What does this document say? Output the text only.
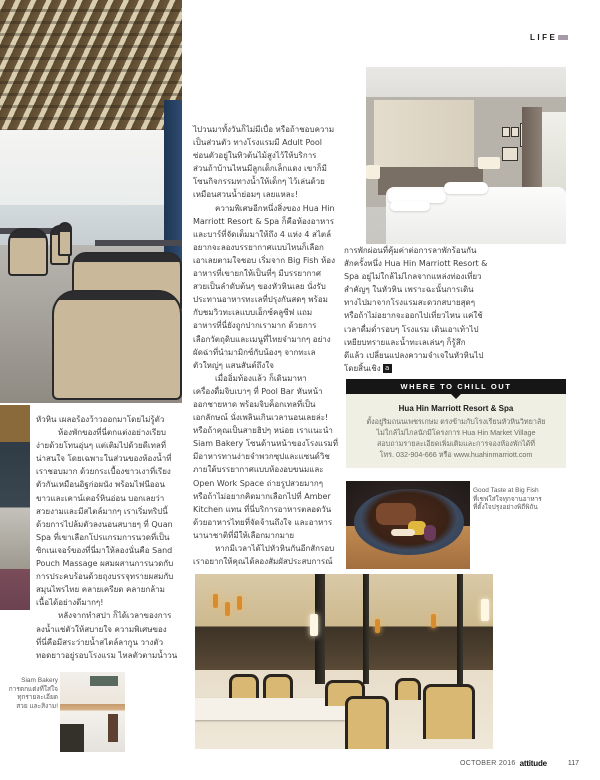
LIFE

ไปวนมาทั้งวันก็ไม่มีเบื่อ หรือถ้าชอบความ

เป็นส่วนตัว ทางโรงแรมมี Adult Pool

ซ่อนตัวอยู่ในทิวต้นไม้สูงไว้ให้บริการ

ส่วนถ้าบ้านไหนมีลูกเด็กเล็กแดง เขาก็มี

โซนกิจกรรมทางน้ำให้เด็กๆ ไว้เล่นด้วย

เหมือนสวนน้ำย่อมๆ เลยแหละ!

ความพิเศษอีกหนึ่งสิ่งของ Hua Hin

Marriott Resort & Spa ก็คือห้องอาหาร

และบาร์ที่จัดเต็มมาให้ถึง 4 แห่ง 4 สไตล์

อยากจะลองบรรยากาศแบบไหนก็เลือก

เอาเลยตามใจชอบ เริ่มจาก Big Fish ห้อง

อาหารที่เขายกให้เป็นที่ๆ มีบรรยากาศ

สวยเป็นลำดับต้นๆ ของหัวหินเลย นั่งรับ

ประทานอาหารทะเลที่ปรุงกันสดๆ พร้อม

กับชมวิวทะเลแบบเอ็กซ์คลูซีฟ แถม

อาหารที่นี่ยังถูกปากเรามาก ด้วยการ

เลือกวัตถุดิบและเมนูที่ไทยจ๋ามากๆ อย่าง

ผัดฉ่าที่นำมามิกซ์กับน้องๆ จากทะเล

ตัวใหญ่ๆ แสนสันต์ถึงใจ

เมื่ออิ่มท้องแล้ว ก็เดินมาหา

เครื่องดื่มจิบเบาๆ ที่ Pool Bar หันหน้า

ออกชายหาด พร้อมจิบค็อกเทลที่เป็น

เอกลักษณ์ นั่งเพลินเกินเวลานอนเลยล่ะ!

หรือถ้าคุณเป็นสายฮิปๆ หน่อย เราแนะนำ

Siam Bakery โซนด้านหน้าของโรงแรมที่

มีอาหารทานง่ายจำพวกซุปและแซนด์วิช

ภายใต้บรรยากาศแบบห้องอบขนมและ

Open Work Space ถ่ายรูปสวยมากๆ

หรือถ้าไม่อยากคิดมากเลือกไปที่ Amber

Kitchen แทน ที่นี่บริการอาหารตลอดวัน

ด้วยอาหารไทยที่จัดจ้านถึงใจ และอาหาร

นานาชาติที่มีให้เลือกมากมาย

หากมีเวลาได้ไปหัวหินกันอีกสักรอบ

เราอยากให้คุณได้ลองสัมผัสประสบการณ์

การพักผ่อนที่คุ้มค่าต่อการลาพักร้อนกัน

สักครั้งหนึ่ง Hua Hin Marriott Resort &

Spa อยู่ไม่ใกล้ไม่ไกลจากแหล่งท่องเที่ยว

สำคัญๆ ในหัวหิน เพราะฉะนั้นการเดิน

ทางไปมาจากโรงแรมสะดวกสบายสุดๆ

หรือถ้าไม่อยากจะออกไปเที่ยวไหน แค่ใช้

เวลาดื่มด่ำรอบๆ โรงแรม เดินเอาเท้าไป

เหยียบทรายและน้ำทะเลเล่นๆ ก็รู้สึก

ดีแล้ว เปลี่ยนแปลงความจำเจในหัวหินไป

โดยสิ้นเชิง a

WHERE TO CHILL OUT
Hua Hin Marriott Resort & Spa
ตั้งอยู่ริมถนนเพชรเกษม ตรงข้ามกับโรงเรียนหัวหินวิทยาลัย
ไม่ใกล้ไม่ไกลนักมีโครงการ Hua Hin Market Village
สอบถามรายละเอียดเพิ่มเติมและการจองห้องพักได้ที่
โทร. 032-904-666 หรือ www.huahinmarriott.com
Good Taste at Big Fish
ที่เชฟใส่ใจทุกจานอาหาร
ที่ตั้งใจปรุงอย่างพิถีพิถัน

หัวหิน เผลอร้องว้าวออกมาโดยไม่รู้ตัว

ห้องพักของที่นี่ตกแต่งอย่างเรียบ

ง่ายด้วยโทนอุ่นๆ แต่เติมไปด้วยดีเทลที่

น่าสนใจ โดยเฉพาะในส่วนของห้องน้ำที่

เราชอบมาก ด้วยกระเบื้องขาวเงาที่เรียง

ตัวกันเหมือนอิฐก่อผนัง พร้อมไฟนีออน

ขาวและเคาน์เตอร์หินอ่อน บอกเลยว่า

สวยงามและมีสไตล์มากๆ เราเริ่มทริปนี้

ด้วยการไปล้มตัวลงนอนสบายๆ ที่ Quan

Spa ที่เขาเลือกโปรแกรมการนวดที่เป็น

ซิกเนเจอร์ของที่นี่มาให้ลองนั่นคือ Sand

Pouch Massage ผสมผสานการนวดกับ

การประคบร้อนด้วยถุงบรรจุทรายผสมกับ

สมุนไพรไทย คลายเครียด คลายกล้าม

เนื้อได้อย่างดีมากๆ!

หลังจากทำสปา ก็ได้เวลาของการ

ลงน้ำแช่ตัวให้สบายใจ ความพิเศษของ

ที่นี่คือมีสระว่ายน้ำสไตล์ลากูน วางตัว

ทอดยาวอยู่รอบโรงแรม ไหลตัวตามน้ำวน

Siam Bakery
การตกแต่งที่ใส่ใจ
ทุกรายละเอียด
สวย และสิงาม!
OCTOBER 2016 attitude	117
